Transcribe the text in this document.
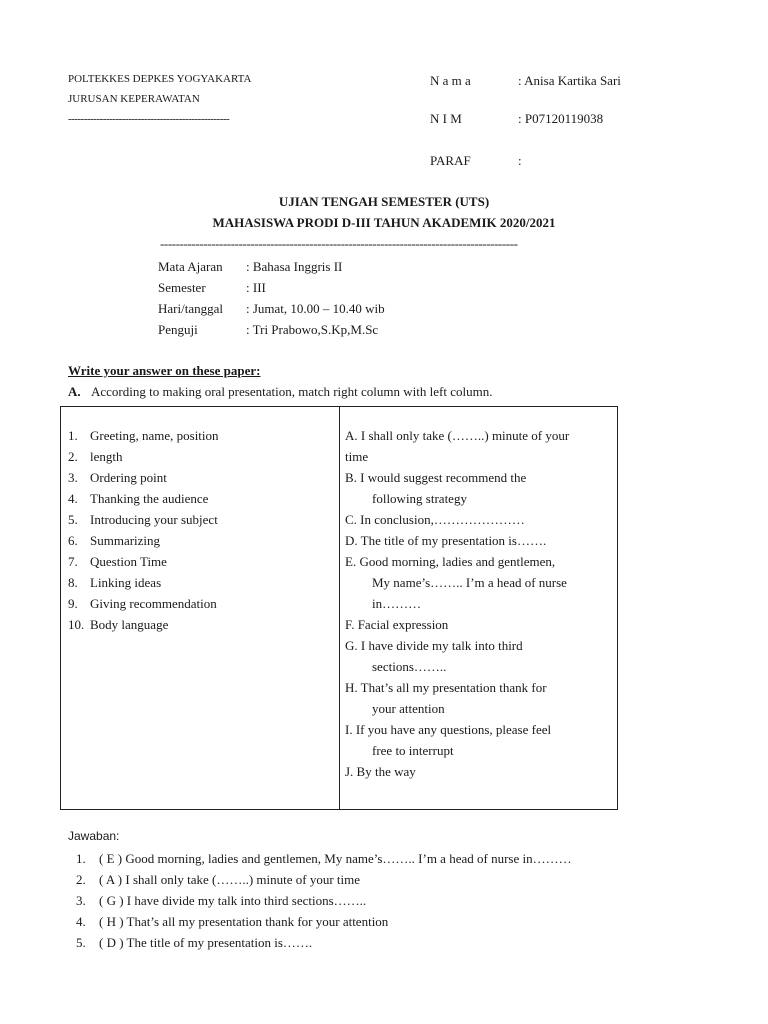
POLTEKKES DEPKES YOGYAKARTA
JURUSAN KEPERAWATAN
---------------------------------------------------
N a m a	: Anisa Kartika Sari
N I M	: P07120119038
PARAF	:
UJIAN TENGAH SEMESTER (UTS)
MAHASISWA PRODI D-III TAHUN AKADEMIK 2020/2021
-------------------------------------------------------------------------------------------
Mata Ajaran : Bahasa Inggris II
Semester	: III
Hari/tanggal : Jumat, 10.00 – 10.40 wib
Penguji	: Tri Prabowo,S.Kp,M.Sc
Write your answer on these paper:
A. According to making oral presentation, match right column with left column.
1. Greeting, name, position
2. length
3. Ordering point
4. Thanking the audience
5. Introducing your subject
6. Summarizing
7. Question Time
8. Linking ideas
9. Giving recommendation
10. Body language
A. I shall only take (……..) minute of your
time
B. I would suggest recommend the
following strategy
C. In conclusion,…………………
D. The title of my presentation is…….
E. Good morning, ladies and gentlemen,
My name’s…….. I’m a head of nurse
in………
F. Facial expression
G. I have divide my talk into third
sections……..
H. That’s all my presentation thank for
your attention
I. If you have any questions, please feel
free to interrupt
J. By the way
Jawaban:
1. ( E ) Good morning, ladies and gentlemen, My name’s…….. I’m a head of nurse in………
2. ( A ) I shall only take (……..) minute of your time
3. ( G ) I have divide my talk into third sections……..
4. ( H ) That’s all my presentation thank for your attention
5. ( D ) The title of my presentation is…….
